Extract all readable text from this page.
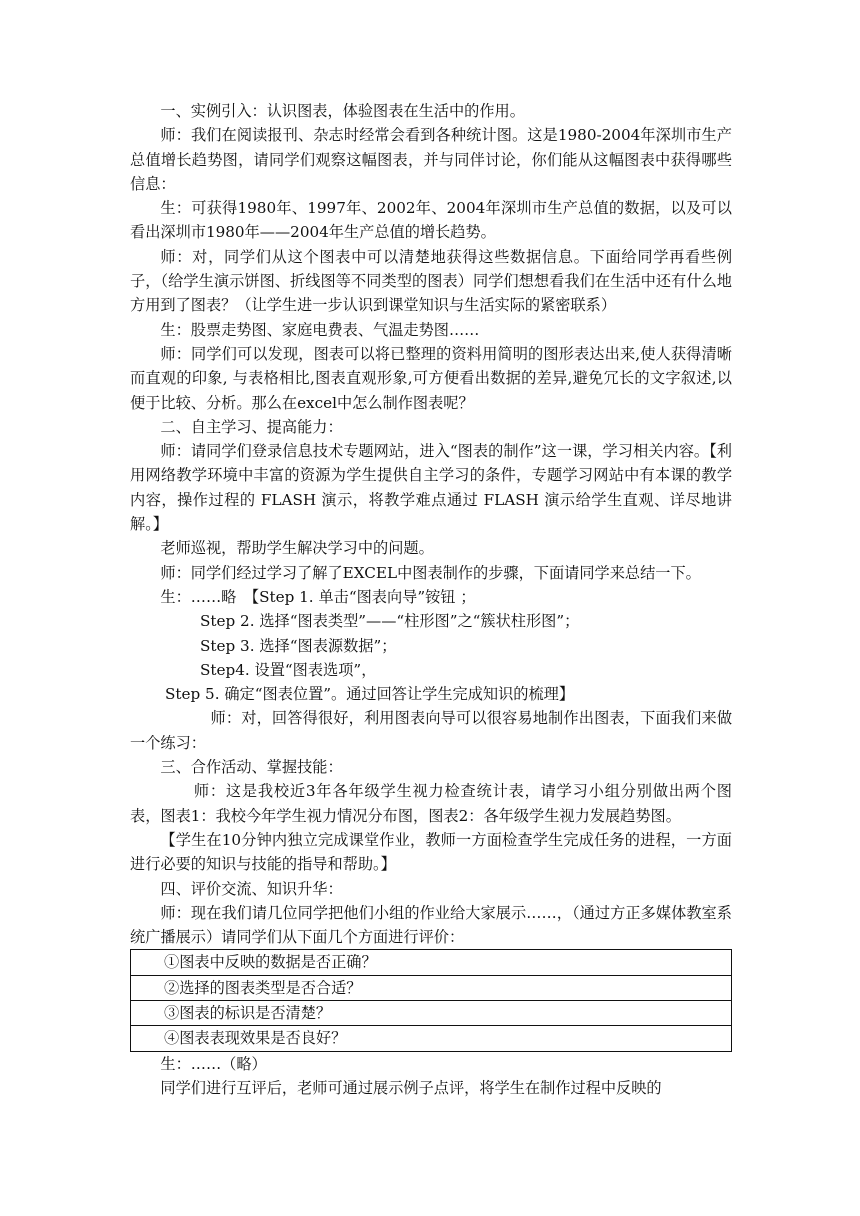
一、实例引入：认识图表，体验图表在生活中的作用。

师：我们在阅读报刊、杂志时经常会看到各种统计图。这是1980-2004年深圳市生产总值增长趋势图，请同学们观察这幅图表，并与同伴讨论，你们能从这幅图表中获得哪些信息：

生：可获得1980年、1997年、2002年、2004年深圳市生产总值的数据，以及可以看出深圳市1980年——2004年生产总值的增长趋势。

师：对，同学们从这个图表中可以清楚地获得这些数据信息。下面给同学再看些例子，（给学生演示饼图、折线图等不同类型的图表）同学们想想看我们在生活中还有什么地方用到了图表？（让学生进一步认识到课堂知识与生活实际的紧密联系）

生：股票走势图、家庭电费表、气温走势图……

师：同学们可以发现，图表可以将已整理的资料用简明的图形表达出来,使人获得清晰而直观的印象, 与表格相比,图表直观形象,可方便看出数据的差异,避免冗长的文字叙述,以便于比较、分析。那么在excel中怎么制作图表呢？

二、自主学习、提高能力：

师：请同学们登录信息技术专题网站，进入“图表的制作”这一课，学习相关内容。【利用网络教学环境中丰富的资源为学生提供自主学习的条件，专题学习网站中有本课的教学内容，操作过程的 FLASH 演示，将教学难点通过 FLASH 演示给学生直观、详尽地讲解。】

老师巡视，帮助学生解决学习中的问题。

师：同学们经过学习了解了EXCEL中图表制作的步骤，下面请同学来总结一下。

生：……略　【Step 1. 单击“图表向导”铵钮 ；

Step 2. 选择“图表类型”——“柱形图”之“簇状柱形图”；

Step 3. 选择“图表源数据”；

Step4. 设置“图表选项”，

Step 5. 确定“图表位置”。通过回答让学生完成知识的梳理】

师：对，回答得很好，利用图表向导可以很容易地制作出图表，下面我们来做一个练习：

三、合作活动、掌握技能：

师：这是我校近3年各年级学生视力检查统计表，请学习小组分别做出两个图表，图表1：我校今年学生视力情况分布图，图表2：各年级学生视力发展趋势图。

【学生在10分钟内独立完成课堂作业，教师一方面检查学生完成任务的进程，一方面进行必要的知识与技能的指导和帮助。】

四、评价交流、知识升华：

师：现在我们请几位同学把他们小组的作业给大家展示……，（通过方正多媒体教室系统广播展示）请同学们从下面几个方面进行评价：

①图表中反映的数据是否正确？
②选择的图表类型是否合适？
③图表的标识是否清楚？
④图表表现效果是否良好？

生：……（略）

同学们进行互评后，老师可通过展示例子点评，将学生在制作过程中反映的
